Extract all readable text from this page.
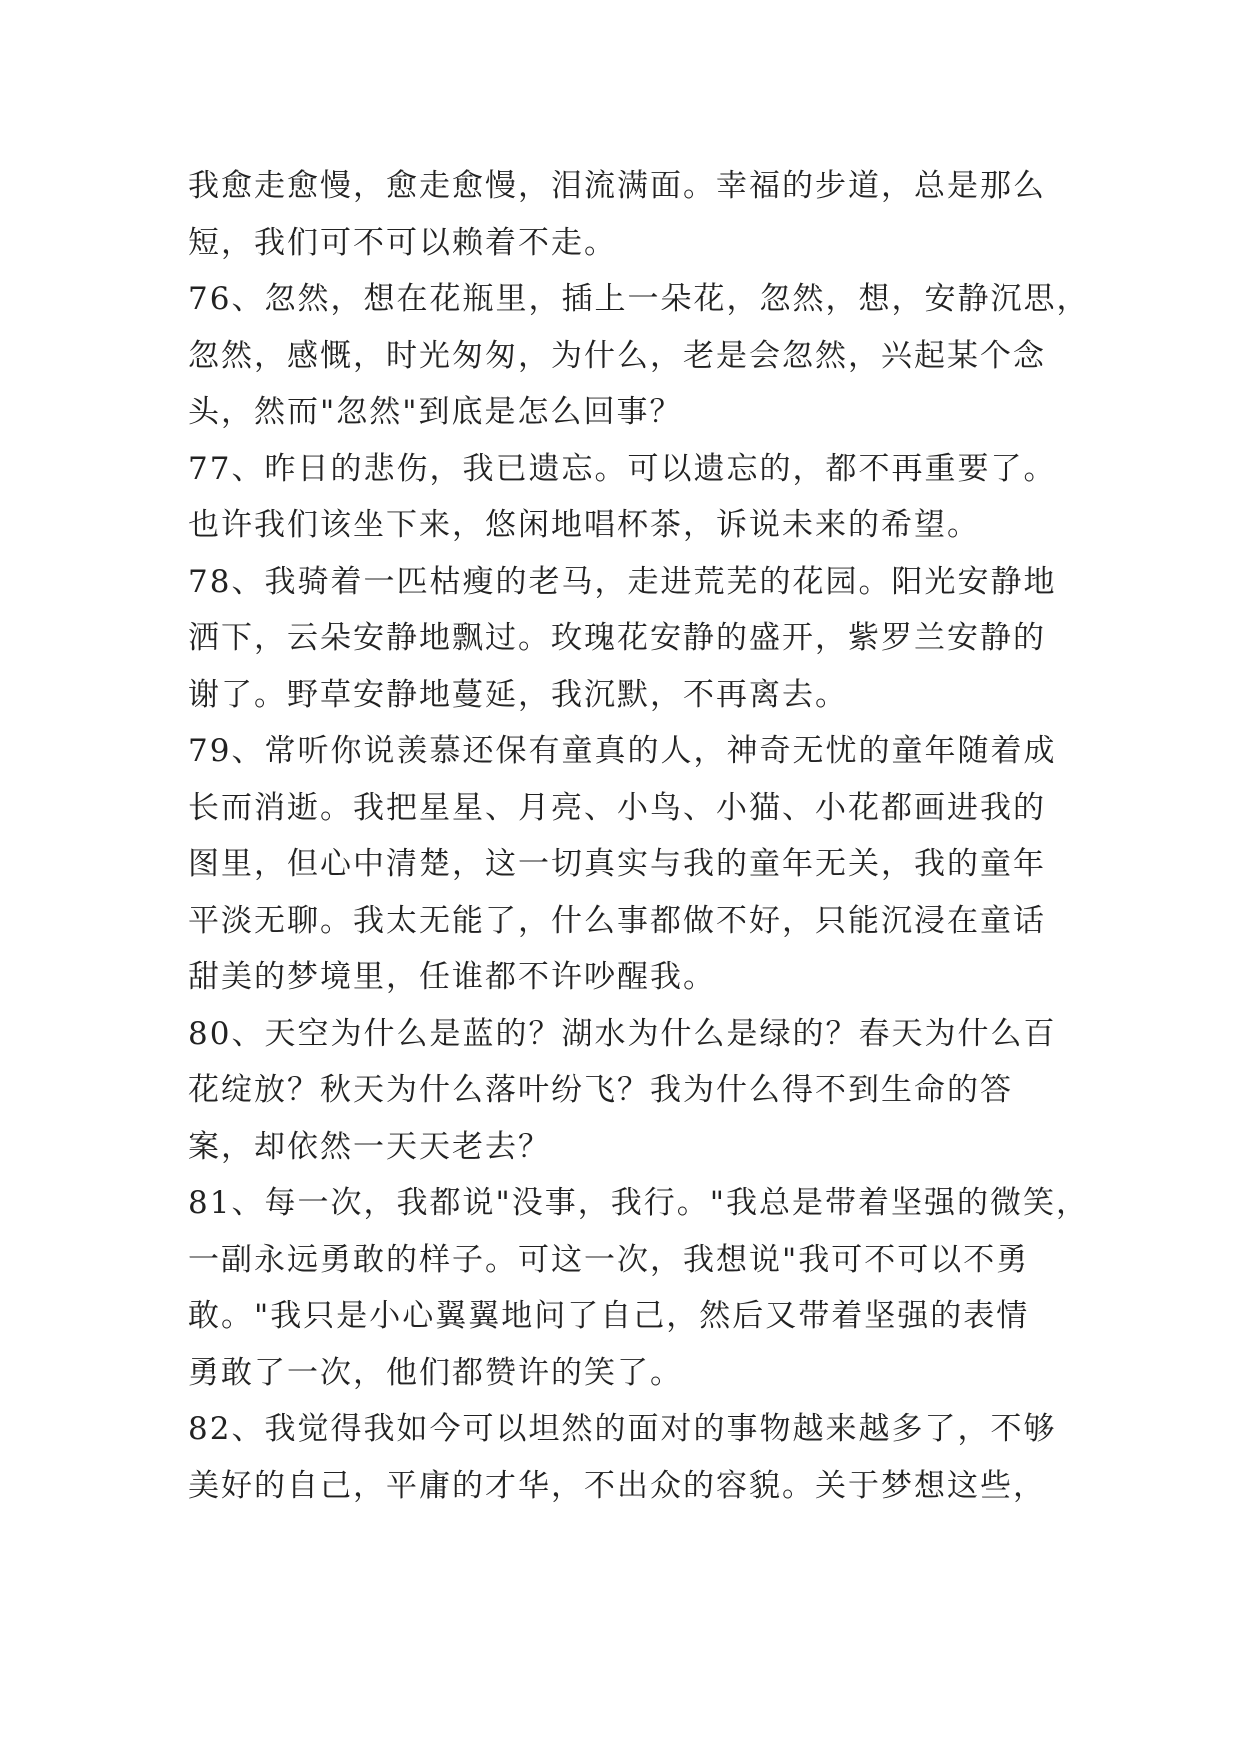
我愈走愈慢，愈走愈慢，泪流满面。幸福的步道，总是那么
短，我们可不可以赖着不走。
76、忽然，想在花瓶里，插上一朵花，忽然，想，安静沉思，
忽然，感慨，时光匆匆，为什么，老是会忽然，兴起某个念
头，然而"忽然"到底是怎么回事？
77、昨日的悲伤，我已遗忘。可以遗忘的，都不再重要了。
也许我们该坐下来，悠闲地唱杯茶，诉说未来的希望。
78、我骑着一匹枯瘦的老马，走进荒芜的花园。阳光安静地
洒下，云朵安静地飘过。玫瑰花安静的盛开，紫罗兰安静的
谢了。野草安静地蔓延，我沉默，不再离去。
79、常听你说羡慕还保有童真的人，神奇无忧的童年随着成
长而消逝。我把星星、月亮、小鸟、小猫、小花都画进我的
图里，但心中清楚，这一切真实与我的童年无关，我的童年
平淡无聊。我太无能了，什么事都做不好，只能沉浸在童话
甜美的梦境里，任谁都不许吵醒我。
80、天空为什么是蓝的？湖水为什么是绿的？春天为什么百
花绽放？秋天为什么落叶纷飞？我为什么得不到生命的答
案，却依然一天天老去？
81、每一次，我都说"没事，我行。"我总是带着坚强的微笑，
一副永远勇敢的样子。可这一次，我想说"我可不可以不勇
敢。"我只是小心翼翼地问了自己，然后又带着坚强的表情
勇敢了一次，他们都赞许的笑了。
82、我觉得我如今可以坦然的面对的事物越来越多了，不够
美好的自己，平庸的才华，不出众的容貌。关于梦想这些，
